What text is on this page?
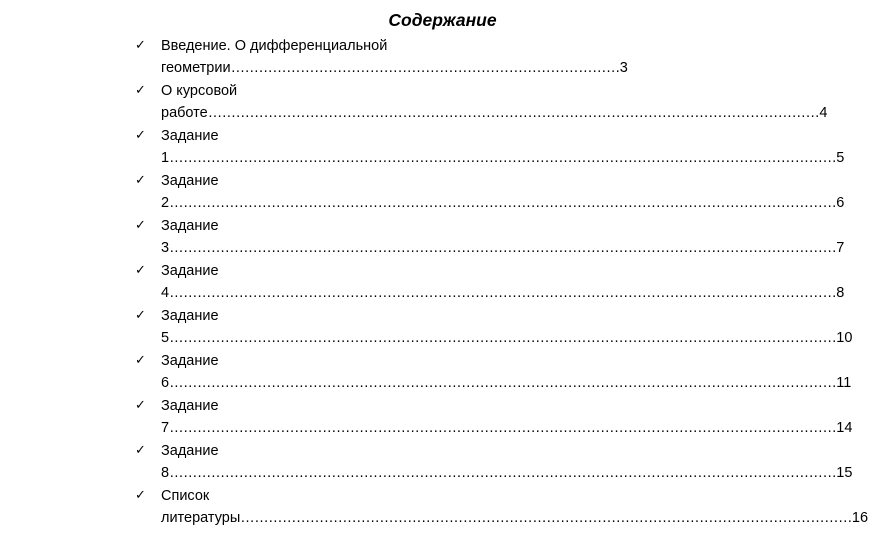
Содержание
✓ Введение. О дифференциальной
геометрии…………………………………………………………………………3
✓ О курсовой
работе……………………………………………………………………………………………………………………4
✓ Задание
1………………………………………………………………………………………………………………………………5
✓ Задание
2………………………………………………………………………………………………………………………………6
✓ Задание
3………………………………………………………………………………………………………………………………7
✓ Задание
4………………………………………………………………………………………………………………………………8
✓ Задание
5………………………………………………………………………………………………………………………………10
✓ Задание
6………………………………………………………………………………………………………………………………11
✓ Задание
7………………………………………………………………………………………………………………………………14
✓ Задание
8………………………………………………………………………………………………………………………………15
✓ Список
литературы……………………………………………………………………………………………………………………16
